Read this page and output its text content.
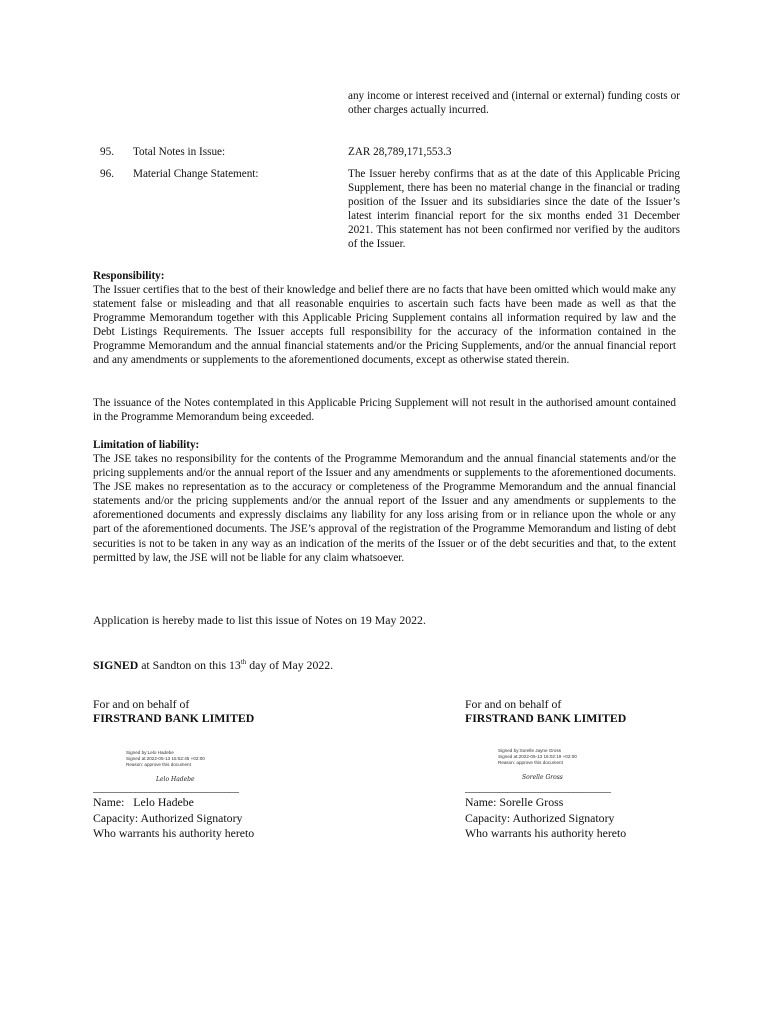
any income or interest received and (internal or external) funding costs or other charges actually incurred.
95. Total Notes in Issue:	ZAR 28,789,171,553.3
96. Material Change Statement:	The Issuer hereby confirms that as at the date of this Applicable Pricing Supplement, there has been no material change in the financial or trading position of the Issuer and its subsidiaries since the date of the Issuer’s latest interim financial report for the six months ended 31 December 2021. This statement has not been confirmed nor verified by the auditors of the Issuer.
Responsibility:
The Issuer certifies that to the best of their knowledge and belief there are no facts that have been omitted which would make any statement false or misleading and that all reasonable enquiries to ascertain such facts have been made as well as that the Programme Memorandum together with this Applicable Pricing Supplement contains all information required by law and the Debt Listings Requirements. The Issuer accepts full responsibility for the accuracy of the information contained in the Programme Memorandum and the annual financial statements and/or the Pricing Supplements, and/or the annual financial report and any amendments or supplements to the aforementioned documents, except as otherwise stated therein.
The issuance of the Notes contemplated in this Applicable Pricing Supplement will not result in the authorised amount contained in the Programme Memorandum being exceeded.
Limitation of liability:
The JSE takes no responsibility for the contents of the Programme Memorandum and the annual financial statements and/or the pricing supplements and/or the annual report of the Issuer and any amendments or supplements to the aforementioned documents. The JSE makes no representation as to the accuracy or completeness of the Programme Memorandum and the annual financial statements and/or the pricing supplements and/or the annual report of the Issuer and any amendments or supplements to the aforementioned documents and expressly disclaims any liability for any loss arising from or in reliance upon the whole or any part of the aforementioned documents. The JSE’s approval of the registration of the Programme Memorandum and listing of debt securities is not to be taken in any way as an indication of the merits of the Issuer or of the debt securities and that, to the extent permitted by law, the JSE will not be liable for any claim whatsoever.
Application is hereby made to list this issue of Notes on 19 May 2022.
SIGNED at Sandton on this 13th day of May 2022.
For and on behalf of
FIRSTRAND BANK LIMITED
Signed by:Lelo Hadebe
Signed at:2022-05-13 15:52:45 +02:00
Reason: approve this document
Lelo Hadebe
_______________________________
Name:   Lelo Hadebe
Capacity: Authorized Signatory
Who warrants his authority hereto
For and on behalf of
FIRSTRAND BANK LIMITED
Signed by:Sorelle Jayne Gross
Signed at:2022-05-13 16:02:19 +02:00
Reason: approve this document
Sorelle Gross
_______________________________
Name: Sorelle Gross
Capacity: Authorized Signatory
Who warrants his authority hereto
